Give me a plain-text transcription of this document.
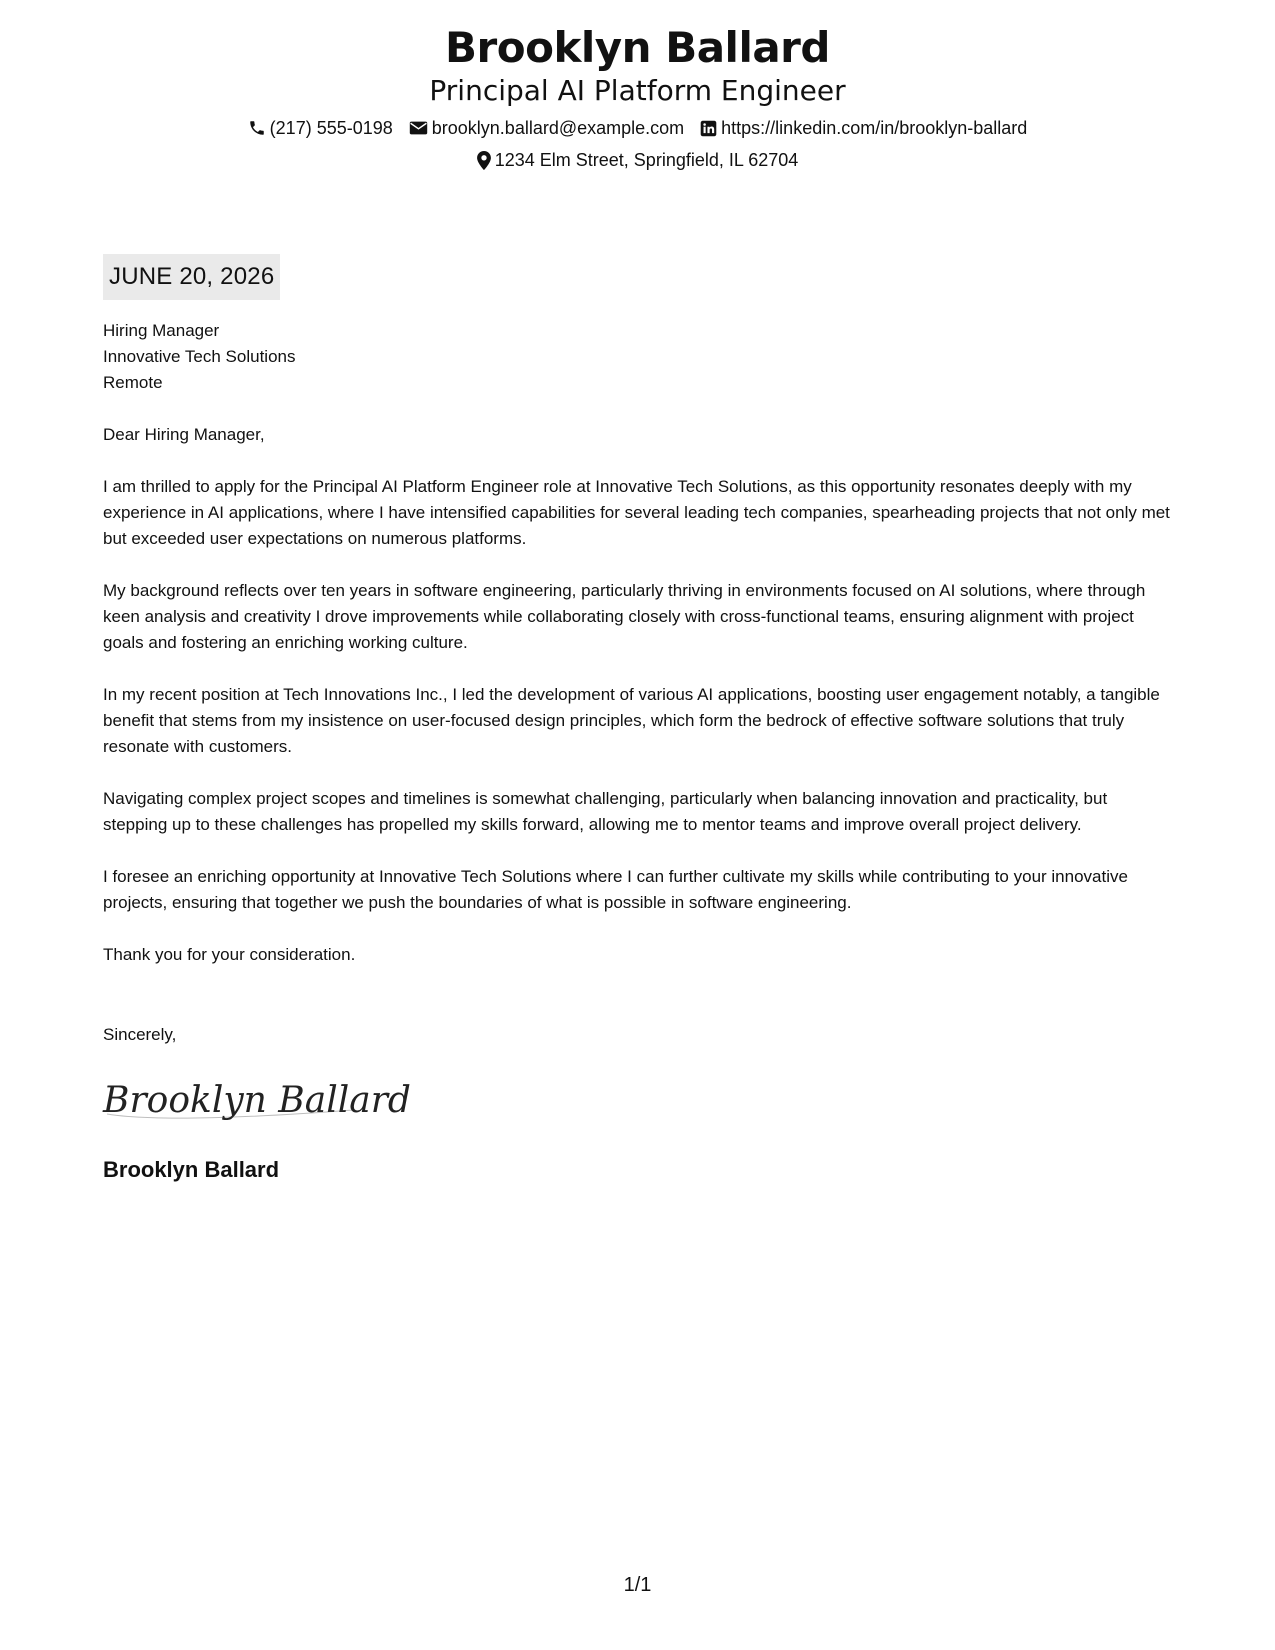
Brooklyn Ballard
Principal AI Platform Engineer
(217) 555-0198 brooklyn.ballard@example.com https://linkedin.com/in/brooklyn-ballard
1234 Elm Street, Springfield, IL 62704
JUNE 20, 2026
Hiring Manager
Innovative Tech Solutions
Remote
Dear Hiring Manager,
I am thrilled to apply for the Principal AI Platform Engineer role at Innovative Tech Solutions, as this opportunity resonates deeply with my experience in AI applications, where I have intensified capabilities for several leading tech companies, spearheading projects that not only met but exceeded user expectations on numerous platforms.
My background reflects over ten years in software engineering, particularly thriving in environments focused on AI solutions, where through keen analysis and creativity I drove improvements while collaborating closely with cross-functional teams, ensuring alignment with project goals and fostering an enriching working culture.
In my recent position at Tech Innovations Inc., I led the development of various AI applications, boosting user engagement notably, a tangible benefit that stems from my insistence on user-focused design principles, which form the bedrock of effective software solutions that truly resonate with customers.
Navigating complex project scopes and timelines is somewhat challenging, particularly when balancing innovation and practicality, but stepping up to these challenges has propelled my skills forward, allowing me to mentor teams and improve overall project delivery.
I foresee an enriching opportunity at Innovative Tech Solutions where I can further cultivate my skills while contributing to your innovative projects, ensuring that together we push the boundaries of what is possible in software engineering.
Thank you for your consideration.
Sincerely,
Brooklyn Ballard
Brooklyn Ballard
1/1
